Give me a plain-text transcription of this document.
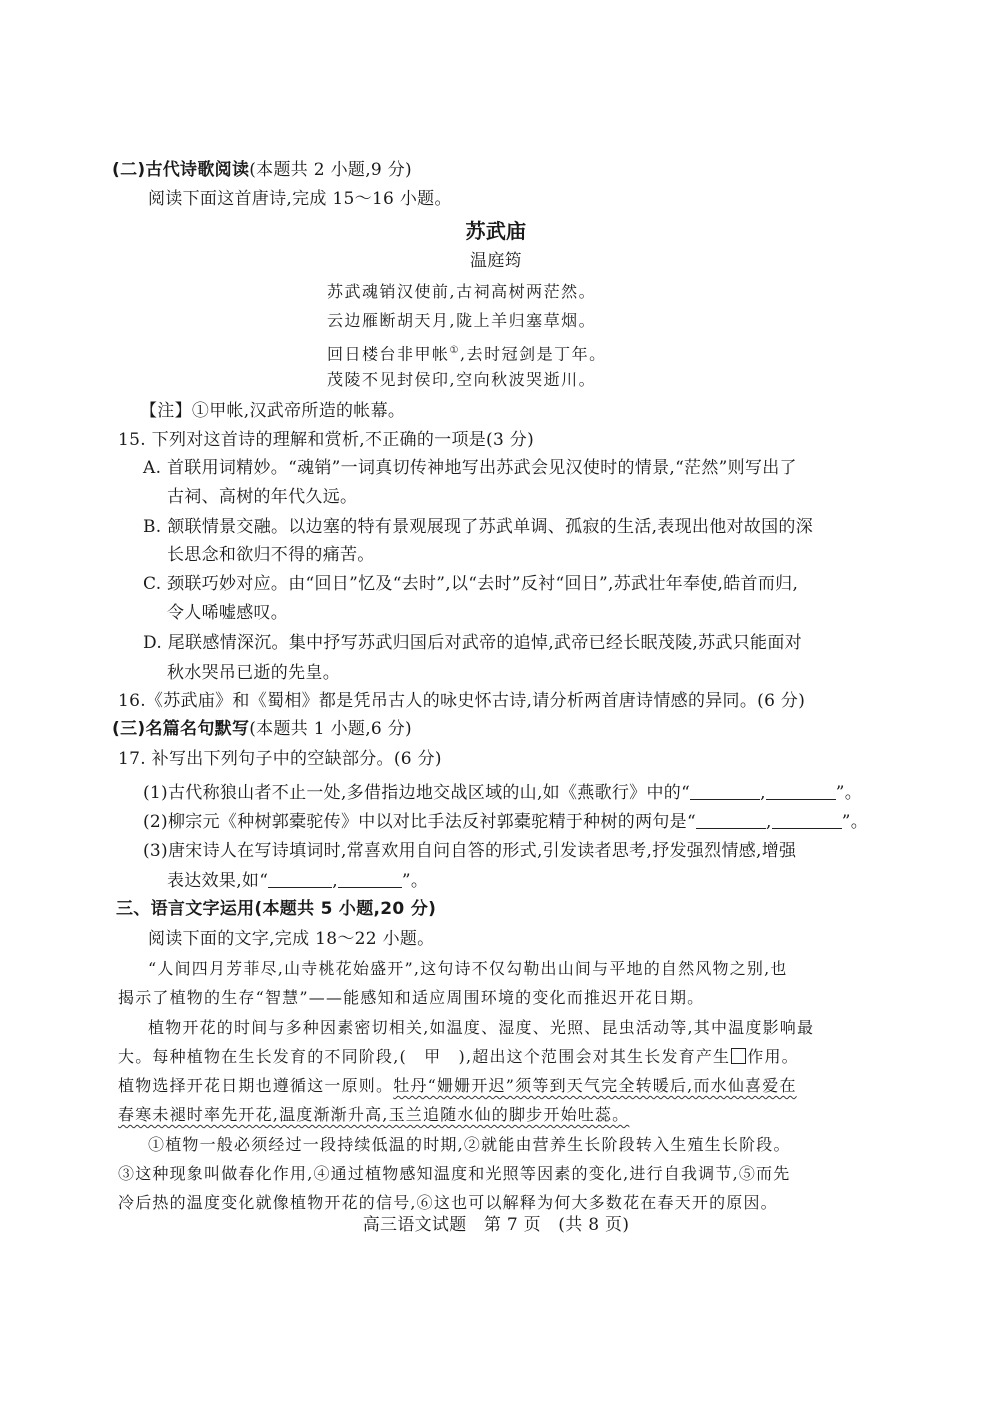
(二)古代诗歌阅读(本题共 2 小题,9 分)
阅读下面这首唐诗,完成 15～16 小题。
苏武庙
温庭筠
苏武魂销汉使前,古祠高树两茫然。
云边雁断胡天月,陇上羊归塞草烟。
回日楼台非甲帐①,去时冠剑是丁年。
茂陵不见封侯印,空向秋波哭逝川。
【注】①甲帐,汉武帝所造的帐幕。
15. 下列对这首诗的理解和赏析,不正确的一项是(3 分)
A. 首联用词精妙。“魂销”一词真切传神地写出苏武会见汉使时的情景,“茫然”则写出了
古祠、高树的年代久远。
B. 颔联情景交融。以边塞的特有景观展现了苏武单调、孤寂的生活,表现出他对故国的深
长思念和欲归不得的痛苦。
C. 颈联巧妙对应。由“回日”忆及“去时”,以“去时”反衬“回日”,苏武壮年奉使,皓首而归,
令人唏嘘感叹。
D. 尾联感情深沉。集中抒写苏武归国后对武帝的追悼,武帝已经长眠茂陵,苏武只能面对
秋水哭吊已逝的先皇。
16.《苏武庙》和《蜀相》都是凭吊古人的咏史怀古诗,请分析两首唐诗情感的异同。(6 分)
(三)名篇名句默写(本题共 1 小题,6 分)
17. 补写出下列句子中的空缺部分。(6 分)
(1)古代称狼山者不止一处,多借指边地交战区域的山,如《燕歌行》中的“	,	”。
(2)柳宗元《种树郭橐驼传》中以对比手法反衬郭橐驼精于种树的两句是“	,	”。
(3)唐宋诗人在写诗填词时,常喜欢用自问自答的形式,引发读者思考,抒发强烈情感,增强
表达效果,如“	,	”。
三、语言文字运用(本题共 5 小题,20 分)
阅读下面的文字,完成 18～22 小题。
“人间四月芳菲尽,山寺桃花始盛开”,这句诗不仅勾勒出山间与平地的自然风物之别,也
揭示了植物的生存“智慧”——能感知和适应周围环境的变化而推迟开花日期。
植物开花的时间与多种因素密切相关,如温度、湿度、光照、昆虫活动等,其中温度影响最
大。每种植物在生长发育的不同阶段,(　甲　),超出这个范围会对其生长发育产生 作用。
植物选择开花日期也遵循这一原则。牡丹“姗姗开迟”须等到天气完全转暖后,而水仙喜爱在
春寒未褪时率先开花,温度渐渐升高,玉兰追随水仙的脚步开始吐蕊。
①植物一般必须经过一段持续低温的时期,②就能由营养生长阶段转入生殖生长阶段。
③这种现象叫做春化作用,④通过植物感知温度和光照等因素的变化,进行自我调节,⑤而先
冷后热的温度变化就像植物开花的信号,⑥这也可以解释为何大多数花在春天开的原因。
高三语文试题　第 7 页　(共 8 页)
